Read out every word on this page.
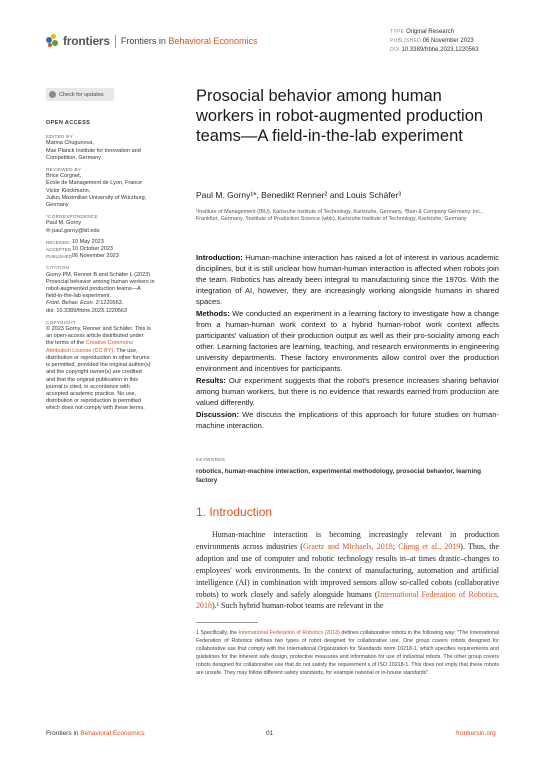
frontiers Frontiers in Behavioral Economics
TYPE Original Research
PUBLISHED 06 November 2023
DOI 10.3389/frbhe.2023.1220563
Check for updates
OPEN ACCESS
EDITED BY
Marina Chugunova,
Max Planck Institute for Innovation and
Competition, Germany
REVIEWED BY
Brice Corgnet,
École de Management de Lyon, France
Victor Klockmann,
Julius Maximilian University of Würzburg,
Germany
*CORRESPONDENCE
Paul M. Gorny
✉ paul.gorny@kit.edu
RECEIVED 10 May 2023
ACCEPTED 10 October 2023
PUBLISHED 06 November 2023
CITATION
Gorny PM, Renner B and Schäfer L (2023)
Prosocial behavior among human workers in
robot-augmented production teams—A
field-in-the-lab experiment.
Front. Behav. Econ. 2:1220563.
doi: 10.3389/frbhe.2023.1220563
COPYRIGHT
© 2023 Gorny, Renner and Schäfer. This is an open-access article distributed under the terms of the Creative Commons Attribution License (CC BY). The use, distribution or reproduction in other forums is permitted, provided the original author(s) and the copyright owner(s) are credited and that the original publication in this journal is cited, in accordance with accepted academic practice. No use, distribution or reproduction is permitted which does not comply with these terms.
Prosocial behavior among human workers in robot-augmented production teams—A field-in-the-lab experiment
Paul M. Gorny¹*, Benedikt Renner² and Louis Schäfer³
¹Institute of Management (IBU), Karlsruhe Institute of Technology, Karlsruhe, Germany, ²Bain & Company Germany, Inc., Frankfurt, Germany, ³Institute of Production Science (wbk), Karlsruhe Institute of Technology, Karlsruhe, Germany

Introduction: Human-machine interaction has raised a lot of interest in various academic disciplines, but it is still unclear how human-human interaction is affected when robots join the team. Robotics has already been integral to manufacturing since the 1970s. With the integration of AI, however, they are increasingly working alongside humans in shared spaces.

Methods: We conducted an experiment in a learning factory to investigate how a change from a human-human work context to a hybrid human-robot work context affects participants' valuation of their production output as well as their pro-sociality among each other. Learning factories are learning, teaching, and research environments in engineering university departments. These factory environments allow control over the production environment and incentives for participants.

Results: Our experiment suggests that the robot's presence increases sharing behavior among human workers, but there is no evidence that rewards earned from production are valued differently.

Discussion: We discuss the implications of this approach for future studies on human-machine interaction.

KEYWORDS
robotics, human-machine interaction, experimental methodology, prosocial behavior, learning factory
1. Introduction
Human-machine interaction is becoming increasingly relevant in production environments across industries (Graetz and Michaels, 2018; Cheng et al., 2019). Thus, the adoption and use of computer and robotic technology results in–at times drastic–changes to employees' work environments. In the context of manufacturing, automation and artificial intelligence (AI) in combination with improved sensors allow so-called cobots (collaborative robots) to work closely and safely alongside humans (International Federation of Robotics, 2018).¹ Such hybrid human-robot teams are relevant in the
1 Specifically, the International Federation of Robotics (2018) defines collaborative robots in the following way: "The International Federation of Robotics defines two types of robot designed for collaborative use. One group covers robots designed for collaborative use that comply with the International Organization for Standards norm 10218-1, which specifies requirements and guidelines for the inherent safe design, protective measures and information for use of industrial robots. The other group covers robots designed for collaborative use that do not satisfy the requirement s of ISO 10218-1. This does not imply that these robots are unsafe. They may follow different safety standards, for example national or in-house standards".
Frontiers in Behavioral Economics	01	frontiersin.org
